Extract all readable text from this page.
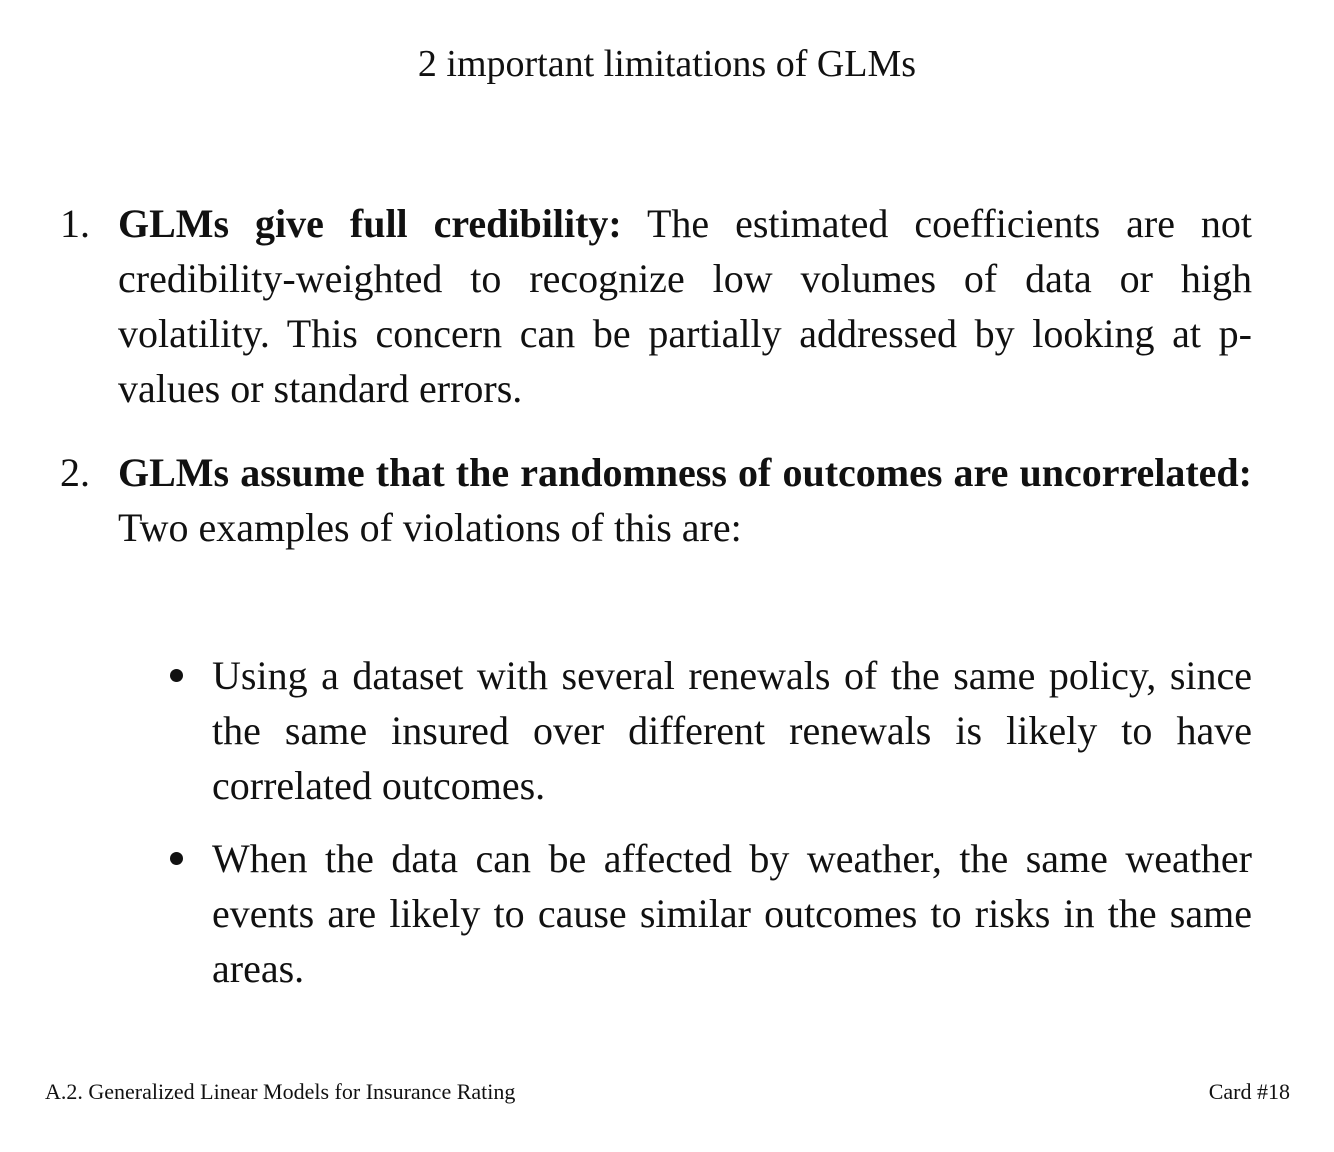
2 important limitations of GLMs
1. GLMs give full credibility: The estimated coefficients are not credibility-weighted to recognize low volumes of data or high volatility. This concern can be partially addressed by looking at p-values or standard errors.
2. GLMs assume that the randomness of outcomes are uncorrelated: Two examples of violations of this are:
Using a dataset with several renewals of the same policy, since the same insured over different renewals is likely to have correlated outcomes.
When the data can be affected by weather, the same weather events are likely to cause similar outcomes to risks in the same areas.
A.2. Generalized Linear Models for Insurance Rating	Card #18
